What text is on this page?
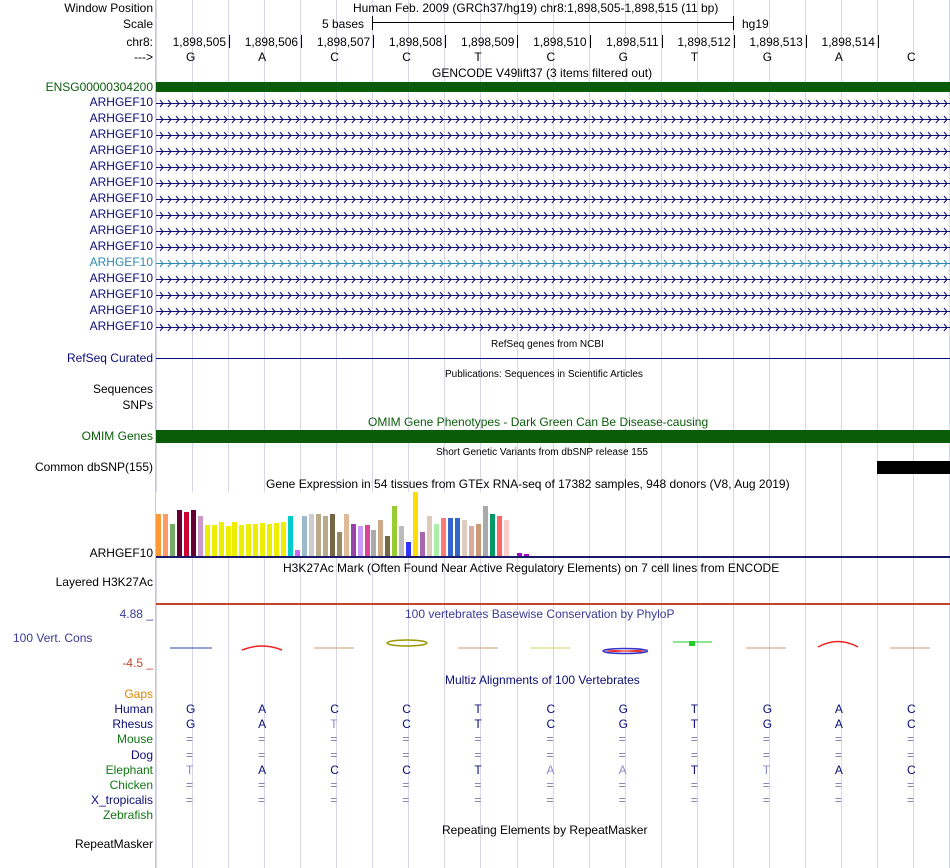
Window Position
Scale
chr8:
--->
Human Feb. 2009 (GRCh37/hg19) chr8:1,898,505-1,898,515 (11 bp)
5 bases	hg19
1,898,505 1,898,506 1,898,507 1,898,508 1,898,509 1,898,510 1,898,511 1,898,512 1,898,513 1,898,514
G	A	C	C	T	C	G	T	G	A	C
GENCODE V49lift37 (3 items filtered out)
ENSG00000304200
ARHGEF10
ARHGEF10
ARHGEF10
ARHGEF10
ARHGEF10
ARHGEF10
ARHGEF10
ARHGEF10
ARHGEF10
ARHGEF10
ARHGEF10
ARHGEF10
ARHGEF10
ARHGEF10
ARHGEF10
RefSeq genes from NCBI
RefSeq Curated
Publications: Sequences in Scientific Articles
Sequences
SNPs
OMIM Gene Phenotypes - Dark Green Can Be Disease-causing
OMIM Genes
Short Genetic Variants from dbSNP release 155
Common dbSNP(155)
Gene Expression in 54 tissues from GTEx RNA-seq of 17382 samples, 948 donors (V8, Aug 2019)
ARHGEF10
H3K27Ac Mark (Often Found Near Active Regulatory Elements) on 7 cell lines from ENCODE
Layered H3K27Ac
100 vertebrates Basewise Conservation by PhyloP
4.88 _
100 Vert. Cons
-4.5 _
Multiz Alignments of 100 Vertebrates
Gaps
Human	G	A	C	C	T	C	G	T	G	A	C
Rhesus	G	A	T	C	T	C	G	T	G	A	C
Mouse	=	=	=	=	=	=	=	=	=	=	=
Dog	=	=	=	=	=	=	=	=	=	=	=
Elephant	T	A	C	C	T	A	A	T	T	A	C
Chicken	=	=	=	=	=	=	=	=	=	=	=
X_tropicalis	=	=	=	=	=	=	=	=	=	=	=
Zebrafish
Repeating Elements by RepeatMasker
RepeatMasker
